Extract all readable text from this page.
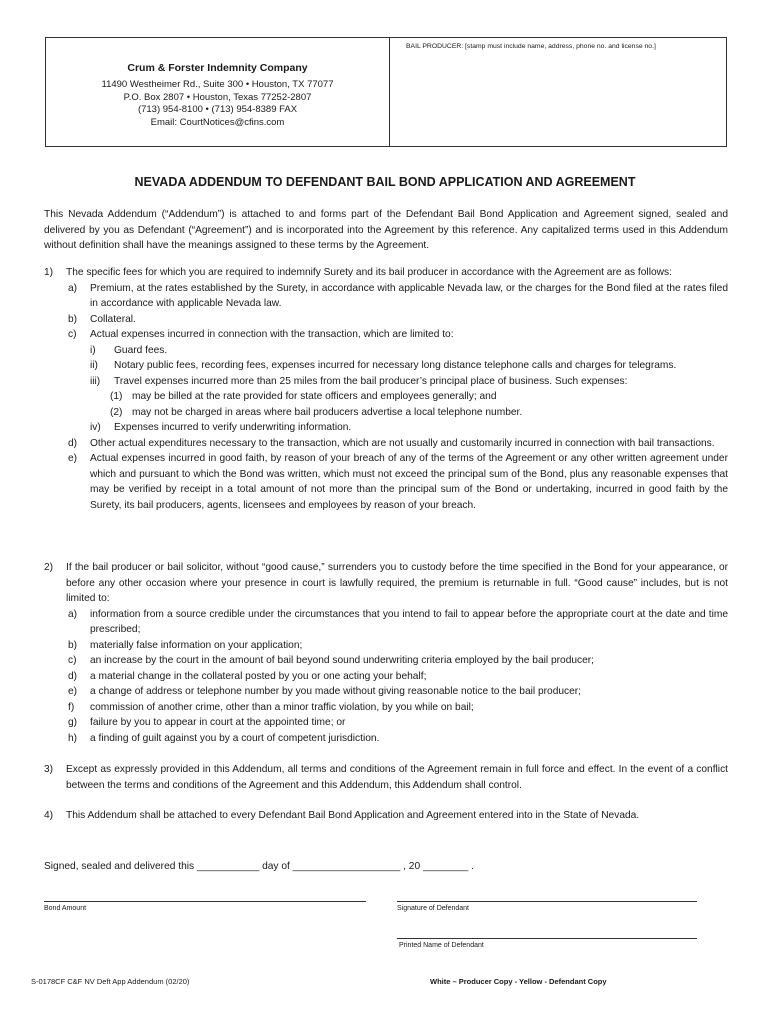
Crum & Forster Indemnity Company
11490 Westheimer Rd., Suite 300 • Houston, TX 77077
P.O. Box 2807 • Houston, Texas 77252-2807
(713) 954-8100 • (713) 954-8389 FAX
Email: CourtNotices@cfins.com
BAIL PRODUCER: [stamp must include name, address, phone no. and license no.]
NEVADA ADDENDUM TO DEFENDANT BAIL BOND APPLICATION AND AGREEMENT
This Nevada Addendum (“Addendum”) is attached to and forms part of the Defendant Bail Bond Application and Agreement signed, sealed and delivered by you as Defendant (“Agreement”) and is incorporated into the Agreement by this reference. Any capitalized terms used in this Addendum without definition shall have the meanings assigned to these terms by the Agreement.
1)	The specific fees for which you are required to indemnify Surety and its bail producer in accordance with the Agreement are as follows:
a) Premium, at the rates established by the Surety, in accordance with applicable Nevada law, or the charges for the Bond filed at the rates filed in accordance with applicable Nevada law.
b) Collateral.
c) Actual expenses incurred in connection with the transaction, which are limited to:
i) Guard fees.
ii) Notary public fees, recording fees, expenses incurred for necessary long distance telephone calls and charges for telegrams.
iii) Travel expenses incurred more than 25 miles from the bail producer’s principal place of business. Such expenses:
(1) may be billed at the rate provided for state officers and employees generally; and
(2) may not be charged in areas where bail producers advertise a local telephone number.
iv) Expenses incurred to verify underwriting information.
d) Other actual expenditures necessary to the transaction, which are not usually and customarily incurred in connection with bail transactions.
e) Actual expenses incurred in good faith, by reason of your breach of any of the terms of the Agreement or any other written agreement under which and pursuant to which the Bond was written, which must not exceed the principal sum of the Bond, plus any reasonable expenses that may be verified by receipt in a total amount of not more than the principal sum of the Bond or undertaking, incurred in good faith by the Surety, its bail producers, agents, licensees and employees by reason of your breach.
2)	If the bail producer or bail solicitor, without “good cause,” surrenders you to custody before the time specified in the Bond for your appearance, or before any other occasion where your presence in court is lawfully required, the premium is returnable in full. “Good cause” includes, but is not limited to:
a) information from a source credible under the circumstances that you intend to fail to appear before the appropriate court at the date and time prescribed;
b) materially false information on your application;
c) an increase by the court in the amount of bail beyond sound underwriting criteria employed by the bail producer;
d) a material change in the collateral posted by you or one acting your behalf;
e) a change of address or telephone number by you made without giving reasonable notice to the bail producer;
f) commission of another crime, other than a minor traffic violation, by you while on bail;
g) failure by you to appear in court at the appointed time; or
h) a finding of guilt against you by a court of competent jurisdiction.
3)	Except as expressly provided in this Addendum, all terms and conditions of the Agreement remain in full force and effect. In the event of a conflict between the terms and conditions of the Agreement and this Addendum, this Addendum shall control.
4)	This Addendum shall be attached to every Defendant Bail Bond Application and Agreement entered into in the State of Nevada.
Signed, sealed and delivered this ___________ day of ___________________ , 20 ________ .
Bond Amount	Signature of Defendant
Printed Name of Defendant
S-0178CF C&F NV Deft App Addendum (02/20)	White – Producer Copy - Yellow - Defendant Copy
